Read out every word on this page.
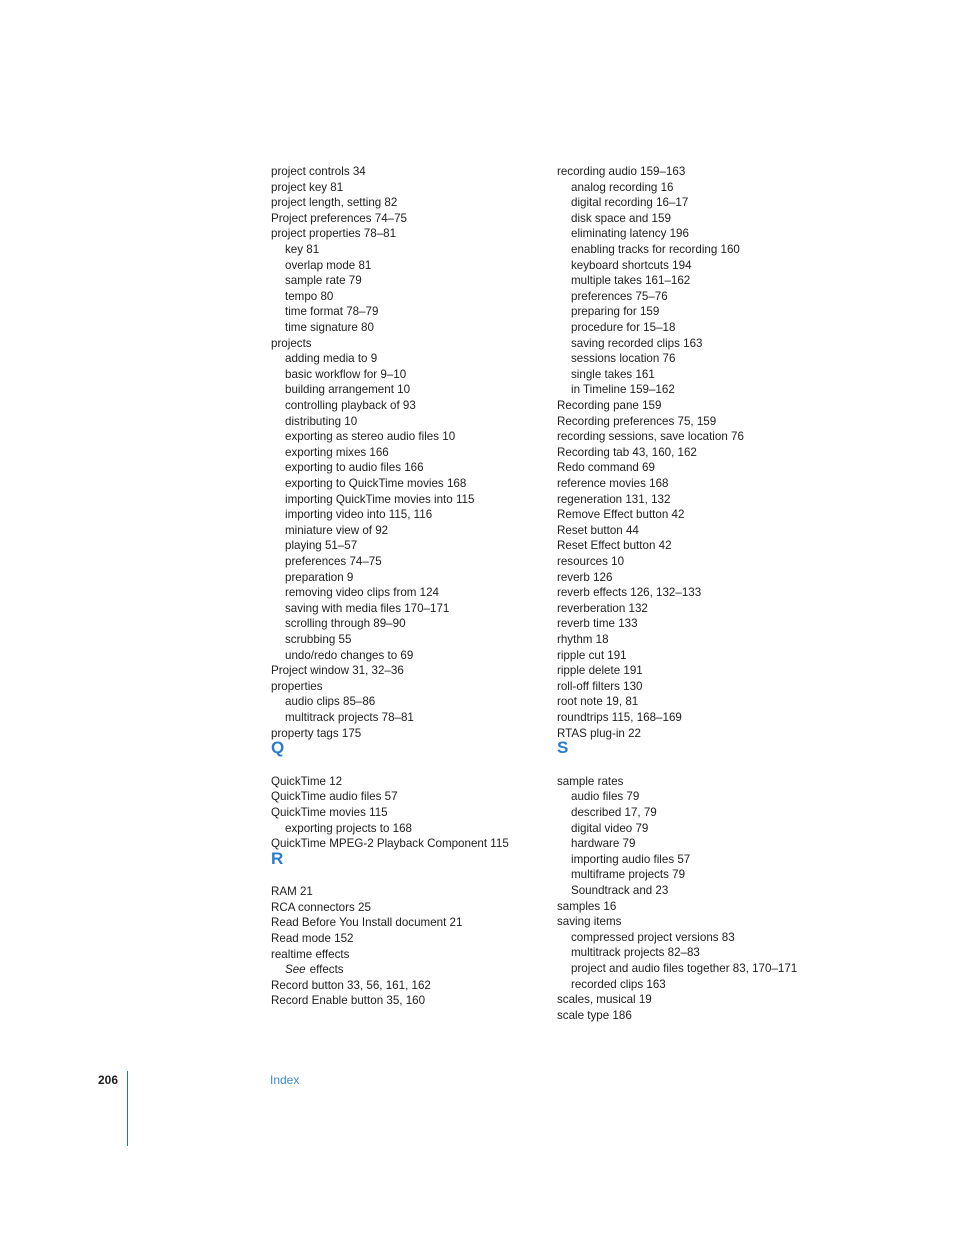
project controls 34
project key 81
project length, setting 82
Project preferences 74–75
project properties 78–81
key 81
overlap mode 81
sample rate 79
tempo 80
time format 78–79
time signature 80
projects
adding media to 9
basic workflow for 9–10
building arrangement 10
controlling playback of 93
distributing 10
exporting as stereo audio files 10
exporting mixes 166
exporting to audio files 166
exporting to QuickTime movies 168
importing QuickTime movies into 115
importing video into 115, 116
miniature view of 92
playing 51–57
preferences 74–75
preparation 9
removing video clips from 124
saving with media files 170–171
scrolling through 89–90
scrubbing 55
undo/redo changes to 69
Project window 31, 32–36
properties
audio clips 85–86
multitrack projects 78–81
property tags 175
Q
QuickTime 12
QuickTime audio files 57
QuickTime movies 115
exporting projects to 168
QuickTime MPEG-2 Playback Component 115
R
RAM 21
RCA connectors 25
Read Before You Install document 21
Read mode 152
realtime effects
See effects
Record button 33, 56, 161, 162
Record Enable button 35, 160
recording audio 159–163
analog recording 16
digital recording 16–17
disk space and 159
eliminating latency 196
enabling tracks for recording 160
keyboard shortcuts 194
multiple takes 161–162
preferences 75–76
preparing for 159
procedure for 15–18
saving recorded clips 163
sessions location 76
single takes 161
in Timeline 159–162
Recording pane 159
Recording preferences 75, 159
recording sessions, save location 76
Recording tab 43, 160, 162
Redo command 69
reference movies 168
regeneration 131, 132
Remove Effect button 42
Reset button 44
Reset Effect button 42
resources 10
reverb 126
reverb effects 126, 132–133
reverberation 132
reverb time 133
rhythm 18
ripple cut 191
ripple delete 191
roll-off filters 130
root note 19, 81
roundtrips 115, 168–169
RTAS plug-in 22
S
sample rates
audio files 79
described 17, 79
digital video 79
hardware 79
importing audio files 57
multiframe projects 79
Soundtrack and 23
samples 16
saving items
compressed project versions 83
multitrack projects 82–83
project and audio files together 83, 170–171
recorded clips 163
scales, musical 19
scale type 186
206	Index
